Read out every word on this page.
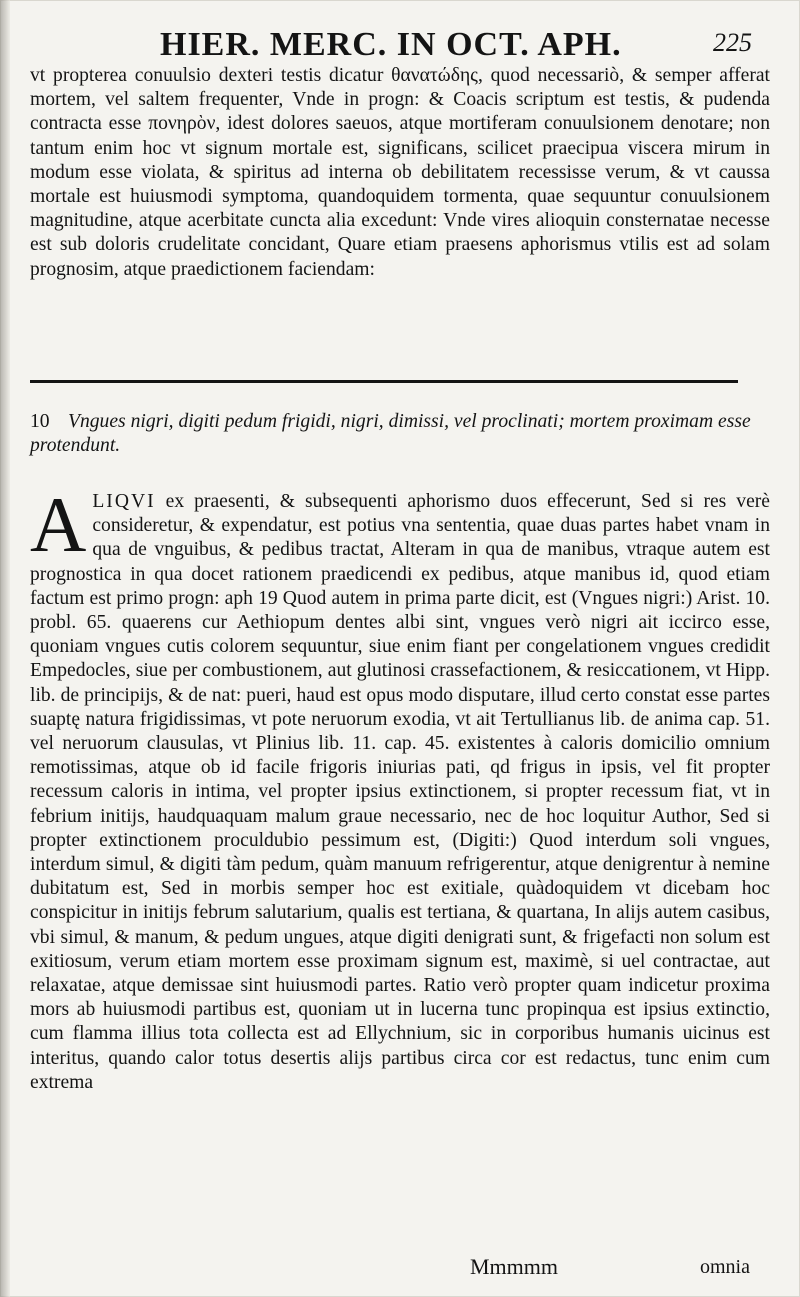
HIER. MERC. IN OCT. APH.	225

vt propterea conuulsio dexteri testis dicatur θανατώδης, quod necessariò, & semper afferat mortem, vel saltem frequenter, Vnde in progn: & Coacis scriptum est testis, & pudenda contracta esse πονηρὸν, idest dolores saeuos, atque mortiferam conuulsionem denotare; non tantum enim hoc vt signum mortale est, significans, scilicet praecipua viscera mirum in modum esse violata, & spiritus ad interna ob debilitatem recessisse verum, & vt caussa mortale est huiusmodi symptoma, quandoquidem tormenta, quae sequuntur conuulsionem magnitudine, atque acerbitate cuncta alia excedunt: Vnde vires alioquin consternatae necesse est sub doloris crudelitate concidant, Quare etiam praesens aphorismus vtilis est ad solam prognosim, atque praedictionem faciendam:

10 Vngues nigri, digiti pedum frigidi, nigri, dimissi, vel proclinati; mortem proximam esse protendunt.
ALIQVI ex praesenti, & subsequenti aphorismo duos effecerunt, Sed si res verè consideretur, & expendatur, est potius vna sententia, quae duas partes habet vnam in qua de vnguibus, & pedibus tractat, Alteram in qua de manibus, vtraque autem est prognostica in qua docet rationem praedicendi ex pedibus, atque manibus id, quod etiam factum est primo progn: aph 19 Quod autem in prima parte dicit, est (Vngues nigri:) Arist. 10. probl. 65. quaerens cur Aethiopum dentes albi sint, vngues verò nigri ait iccirco esse, quoniam vngues cutis colorem sequuntur, siue enim fiant per congelationem vngues credidit Empedocles, siue per combustionem, aut glutinosi crassefactionem, & resiccationem, vt Hipp. lib. de principijs, & de nat: pueri, haud est opus modo disputare, illud certo constat esse partes suaptę natura frigidissimas, vt pote neruorum exodia, vt ait Tertullianus lib. de anima cap. 51. vel neruorum clausulas, vt Plinius lib. 11. cap. 45. existentes à caloris domicilio omnium remotissimas, atque ob id facile frigoris iniurias pati, qd frigus in ipsis, vel fit propter recessum caloris in intima, vel propter ipsius extinctionem, si propter recessum fiat, vt in febrium initijs, haudquaquam malum graue necessario, nec de hoc loquitur Author, Sed si propter extinctionem proculdubio pessimum est, (Digiti:) Quod interdum soli vngues, interdum simul, & digiti tàm pedum, quàm manuum refrigerentur, atque denigrentur à nemine dubitatum est, Sed in morbis semper hoc est exitiale, quàdoquidem vt dicebam hoc conspicitur in initijs februm salutarium, qualis est tertiana, & quartana, In alijs autem casibus, vbi simul, & manum, & pedum ungues, atque digiti denigrati sunt, & frigefacti non solum est exitiosum, verum etiam mortem esse proximam signum est, maximè, si uel contractae, aut relaxatae, atque demissae sint huiusmodi partes. Ratio verò propter quam indicetur proxima mors ab huiusmodi partibus est, quoniam ut in lucerna tunc propinqua est ipsius extinctio, cum flamma illius tota collecta est ad Ellychnium, sic in corporibus humanis uicinus est interitus, quando calor totus desertis alijs partibus circa cor est redactus, tunc enim cum extrema
Mmmmm	omnia
